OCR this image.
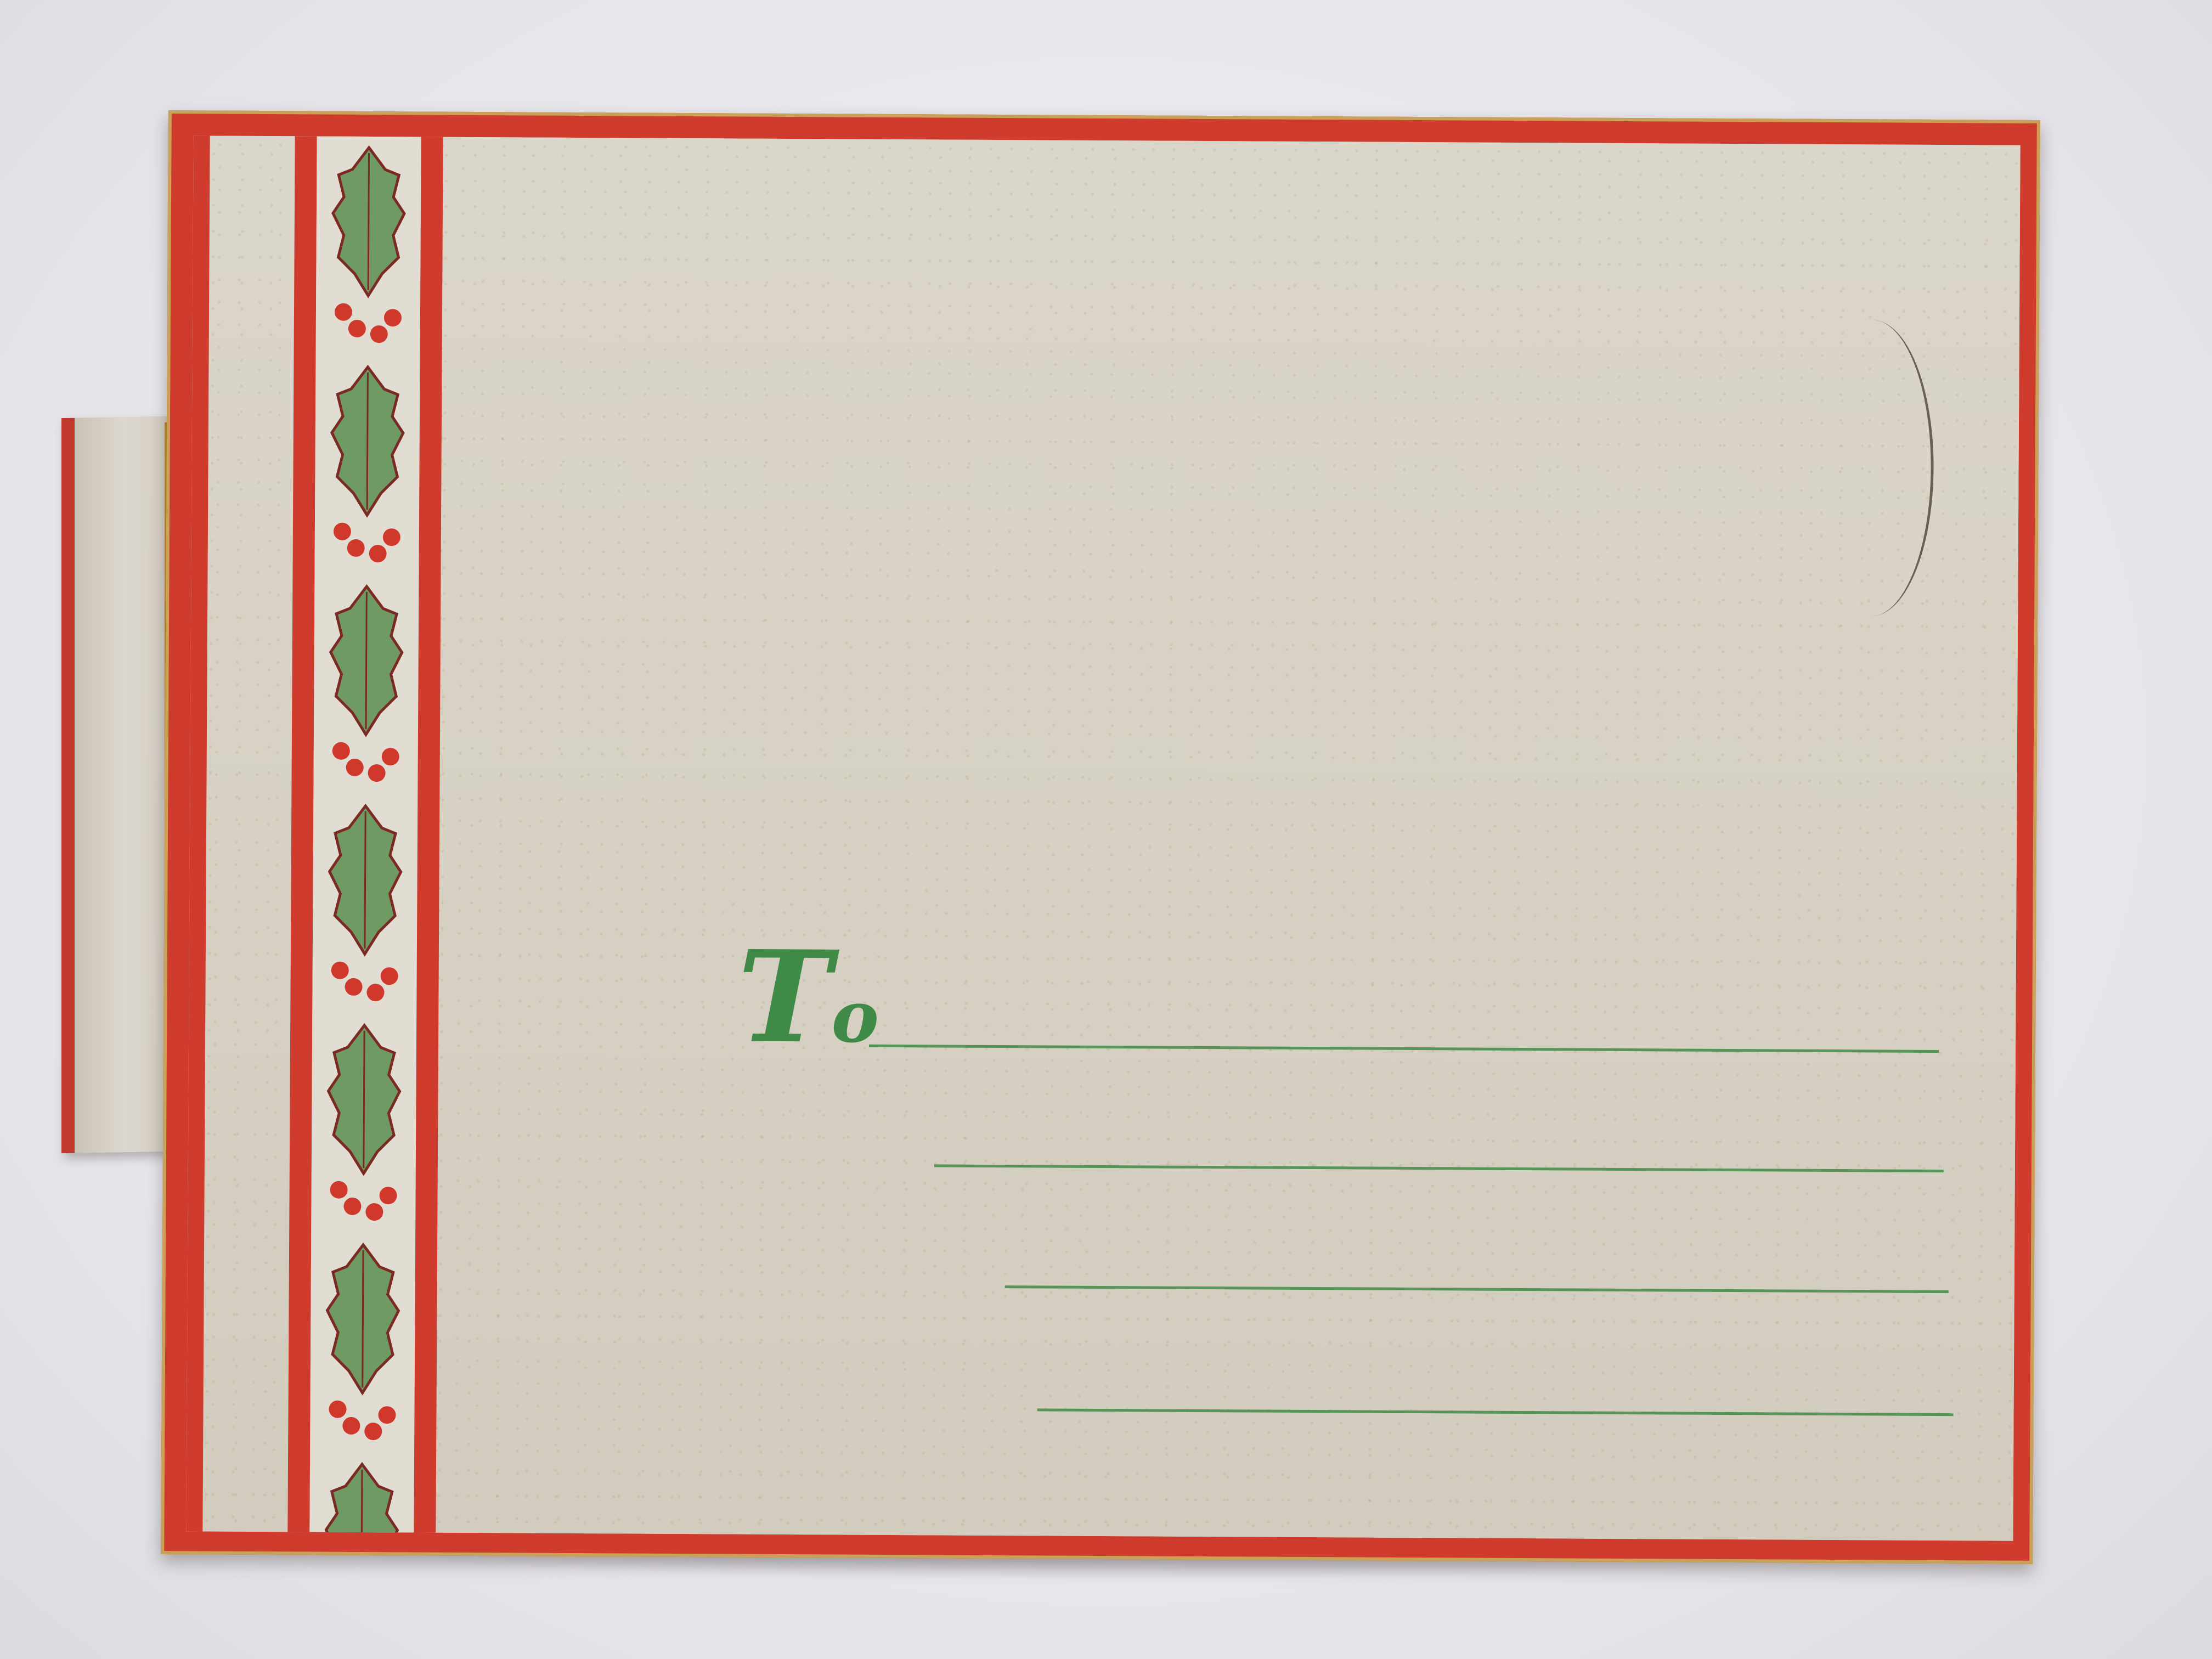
To
